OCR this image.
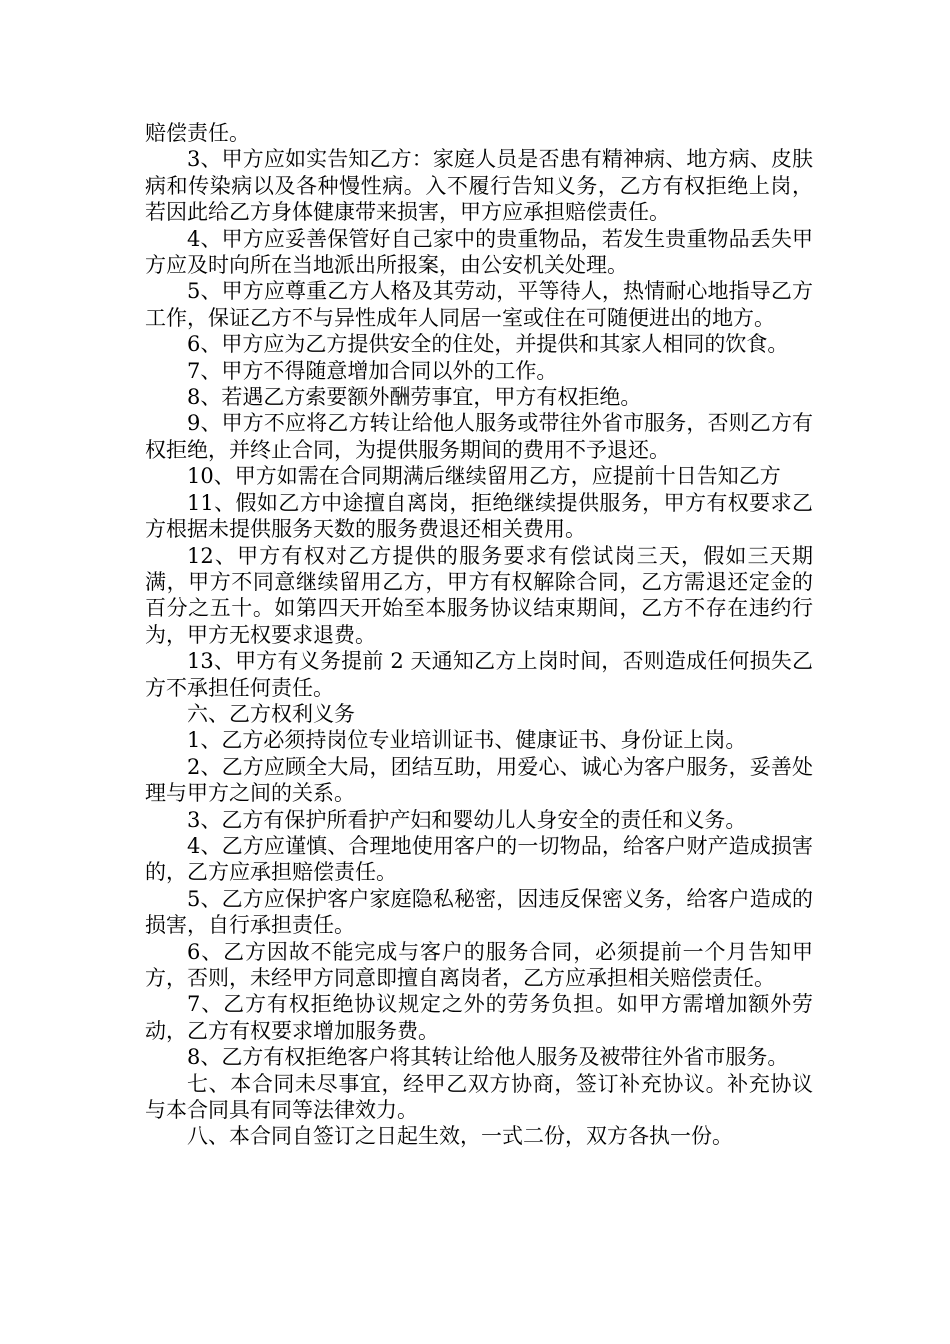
赔偿责任。

3、甲方应如实告知乙方：家庭人员是否患有精神病、地方病、皮肤病和传染病以及各种慢性病。入不履行告知义务，乙方有权拒绝上岗，若因此给乙方身体健康带来损害，甲方应承担赔偿责任。

4、甲方应妥善保管好自己家中的贵重物品，若发生贵重物品丢失甲方应及时向所在当地派出所报案，由公安机关处理。

5、甲方应尊重乙方人格及其劳动，平等待人，热情耐心地指导乙方工作，保证乙方不与异性成年人同居一室或住在可随便进出的地方。

6、甲方应为乙方提供安全的住处，并提供和其家人相同的饮食。

7、甲方不得随意增加合同以外的工作。

8、若遇乙方索要额外酬劳事宜，甲方有权拒绝。

9、甲方不应将乙方转让给他人服务或带往外省市服务，否则乙方有权拒绝，并终止合同，为提供服务期间的费用不予退还。

10、甲方如需在合同期满后继续留用乙方，应提前十日告知乙方

11、假如乙方中途擅自离岗，拒绝继续提供服务，甲方有权要求乙方根据未提供服务天数的服务费退还相关费用。

12、甲方有权对乙方提供的服务要求有偿试岗三天，假如三天期满，甲方不同意继续留用乙方，甲方有权解除合同，乙方需退还定金的百分之五十。如第四天开始至本服务协议结束期间，乙方不存在违约行为，甲方无权要求退费。

13、甲方有义务提前 2 天通知乙方上岗时间，否则造成任何损失乙方不承担任何责任。

六、乙方权利义务

1、乙方必须持岗位专业培训证书、健康证书、身份证上岗。

2、乙方应顾全大局，团结互助，用爱心、诚心为客户服务，妥善处理与甲方之间的关系。

3、乙方有保护所看护产妇和婴幼儿人身安全的责任和义务。

4、乙方应谨慎、合理地使用客户的一切物品，给客户财产造成损害的，乙方应承担赔偿责任。

5、乙方应保护客户家庭隐私秘密，因违反保密义务，给客户造成的损害，自行承担责任。

6、乙方因故不能完成与客户的服务合同，必须提前一个月告知甲方，否则，未经甲方同意即擅自离岗者，乙方应承担相关赔偿责任。

7、乙方有权拒绝协议规定之外的劳务负担。如甲方需增加额外劳动，乙方有权要求增加服务费。

8、乙方有权拒绝客户将其转让给他人服务及被带往外省市服务。

七、本合同未尽事宜，经甲乙双方协商，签订补充协议。补充协议与本合同具有同等法律效力。

八、本合同自签订之日起生效，一式二份，双方各执一份。
